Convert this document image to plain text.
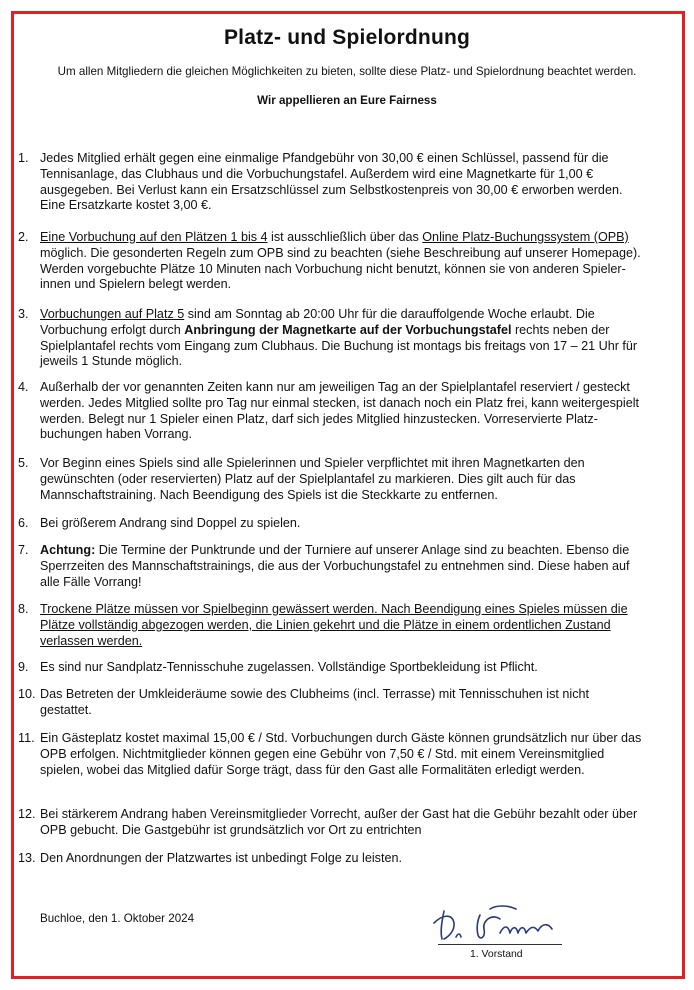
Platz- und Spielordnung
Um allen Mitgliedern die gleichen Möglichkeiten zu bieten, sollte diese Platz- und Spielordnung beachtet werden.
Wir appellieren an Eure Fairness
1. Jedes Mitglied erhält gegen eine einmalige Pfandgebühr von 30,00 € einen Schlüssel, passend für die Tennisanlage, das Clubhaus und die Vorbuchungstafel. Außerdem wird eine Magnetkarte für 1,00 € ausgegeben. Bei Verlust kann ein Ersatzschlüssel zum Selbstkostenpreis von 30,00 € erworben werden. Eine Ersatzkarte kostet 3,00 €.
2. Eine Vorbuchung auf den Plätzen 1 bis 4 ist ausschließlich über das Online Platz-Buchungssystem (OPB) möglich. Die gesonderten Regeln zum OPB sind zu beachten (siehe Beschreibung auf unserer Homepage). Werden vorgebuchte Plätze 10 Minuten nach Vorbuchung nicht benutzt, können sie von anderen Spieler- innen und Spielern belegt werden.
3. Vorbuchungen auf Platz 5 sind am Sonntag ab 20:00 Uhr für die darauffolgende Woche erlaubt. Die Vorbuchung erfolgt durch Anbringung der Magnetkarte auf der Vorbuchungstafel rechts neben der Spielplantafel rechts vom Eingang zum Clubhaus. Die Buchung ist montags bis freitags von 17 – 21 Uhr für jeweils 1 Stunde möglich.
4. Außerhalb der vor genannten Zeiten kann nur am jeweiligen Tag an der Spielplantafel reserviert / gesteckt werden. Jedes Mitglied sollte pro Tag nur einmal stecken, ist danach noch ein Platz frei, kann weitergespielt werden. Belegt nur 1 Spieler einen Platz, darf sich jedes Mitglied hinzustecken. Vorreservierte Platz-buchungen haben Vorrang.
5. Vor Beginn eines Spiels sind alle Spielerinnen und Spieler verpflichtet mit ihren Magnetkarten den gewünschten (oder reservierten) Platz auf der Spielplantafel zu markieren. Dies gilt auch für das Mannschaftstraining. Nach Beendigung des Spiels ist die Steckkarte zu entfernen.
6. Bei größerem Andrang sind Doppel zu spielen.
7. Achtung: Die Termine der Punktrunde und der Turniere auf unserer Anlage sind zu beachten. Ebenso die Sperrzeiten des Mannschaftstrainings, die aus der Vorbuchungstafel zu entnehmen sind. Diese haben auf alle Fälle Vorrang!
8. Trockene Plätze müssen vor Spielbeginn gewässert werden. Nach Beendigung eines Spieles müssen die Plätze vollständig abgezogen werden, die Linien gekehrt und die Plätze in einem ordentlichen Zustand verlassen werden.
9. Es sind nur Sandplatz-Tennisschuhe zugelassen. Vollständige Sportbekleidung ist Pflicht.
10. Das Betreten der Umkleideräume sowie des Clubheims (incl. Terrasse) mit Tennisschuhen ist nicht gestattet.
11. Ein Gästeplatz kostet maximal 15,00 € / Std. Vorbuchungen durch Gäste können grundsätzlich nur über das OPB erfolgen. Nichtmitglieder können gegen eine Gebühr von 7,50 € / Std. mit einem Vereinsmitglied spielen, wobei das Mitglied dafür Sorge trägt, dass für den Gast alle Formalitäten erledigt werden.
12. Bei stärkerem Andrang haben Vereinsmitglieder Vorrecht, außer der Gast hat die Gebühr bezahlt oder über OPB gebucht. Die Gastgebühr ist grundsätzlich vor Ort zu entrichten
13. Den Anordnungen der Platzwartes ist unbedingt Folge zu leisten.
Buchloe, den 1. Oktober 2024
1. Vorstand
